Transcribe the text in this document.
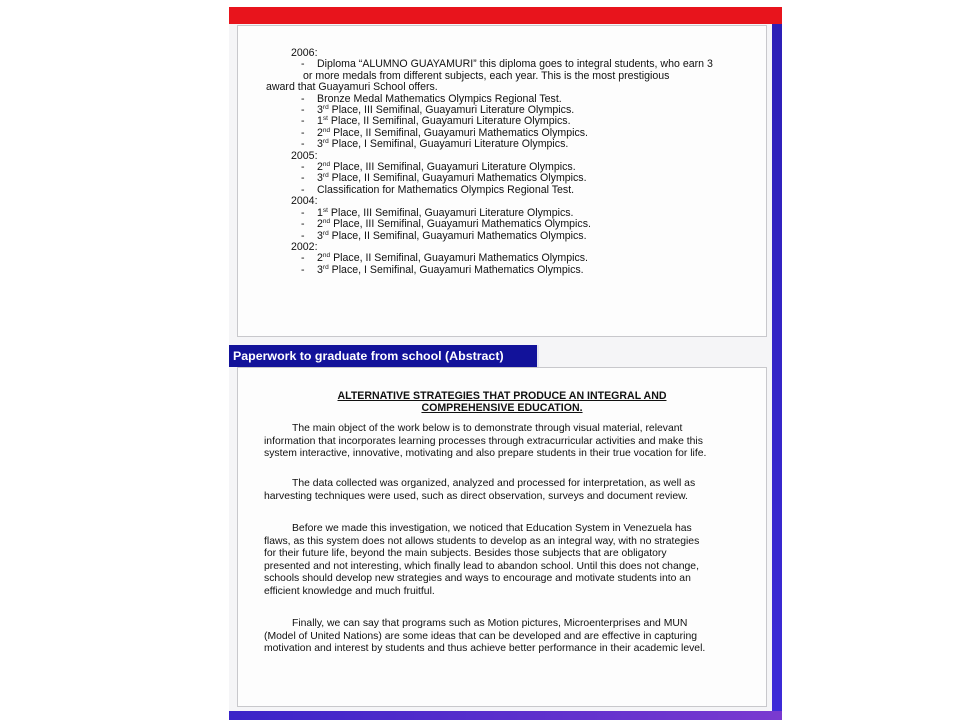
2006:
- Diploma “ALUMNO GUAYAMURI” this diploma goes to integral students, who earn 3
or more medals from different subjects, each year. This is the most prestigious
award that Guayamuri School offers.
- Bronze Medal Mathematics Olympics Regional Test.
- 3rd Place, III Semifinal, Guayamuri Literature Olympics.
- 1st Place, II Semifinal, Guayamuri Literature Olympics.
- 2nd Place, II Semifinal, Guayamuri Mathematics Olympics.
- 3rd Place, I Semifinal, Guayamuri Literature Olympics.
2005:
- 2nd Place, III Semifinal, Guayamuri Literature Olympics.
- 3rd Place, II Semifinal, Guayamuri Mathematics Olympics.
- Classification for Mathematics Olympics Regional Test.
2004:
- 1st Place, III Semifinal, Guayamuri Literature Olympics.
- 2nd Place, III Semifinal, Guayamuri Mathematics Olympics.
- 3rd Place, II Semifinal, Guayamuri Mathematics Olympics.
2002:
- 2nd Place, II Semifinal, Guayamuri Mathematics Olympics.
- 3rd Place, I Semifinal, Guayamuri Mathematics Olympics.
Paperwork to graduate from school (Abstract)
ALTERNATIVE STRATEGIES THAT PRODUCE AN INTEGRAL AND
COMPREHENSIVE EDUCATION.
The main object of the work below is to demonstrate through visual material, relevant
information that incorporates learning processes through extracurricular activities and make this
system interactive, innovative, motivating and also prepare students in their true vocation for life.
The data collected was organized, analyzed and processed for interpretation, as well as
harvesting techniques were used, such as direct observation, surveys and document review.
Before we made this investigation, we noticed that Education System in Venezuela has
flaws, as this system does not allows students to develop as an integral way, with no strategies
for their future life, beyond the main subjects. Besides those subjects that are obligatory
presented and not interesting, which finally lead to abandon school. Until this does not change,
schools should develop new strategies and ways to encourage and motivate students into an
efficient knowledge and much fruitful.
Finally, we can say that programs such as Motion pictures, Microenterprises and MUN
(Model of United Nations) are some ideas that can be developed and are effective in capturing
motivation and interest by students and thus achieve better performance in their academic level.
